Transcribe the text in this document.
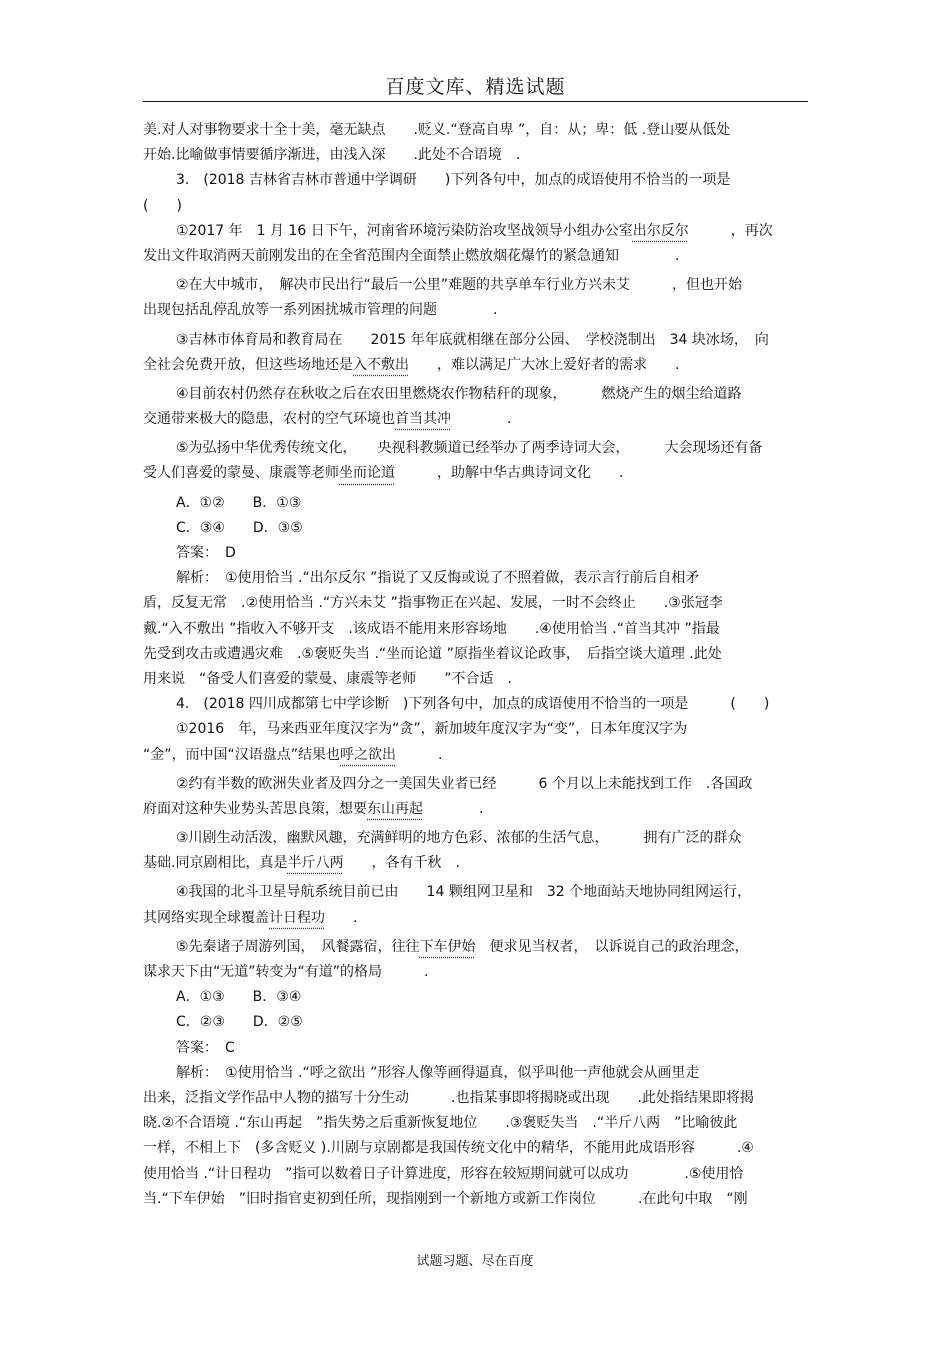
百度文库、精选试题
美.对人对事物要求十全十美，毫无缺点　　.贬义.“登高自卑 ”，自：从；卑：低 .登山要从低处
开始.比喻做事情要循序渐进，由浅入深　　.此处不合语境　.
3.　(2018 吉林省吉林市普通中学调研　　)下列各句中，加点的成语使用不恰当的一项是
(　　)
①2017 年　1 月 16 日下午，河南省环境污染防治攻坚战领导小组办公室出尔反尔　　　，再次
发出文件取消两天前刚发出的在全省范围内全面禁止燃放烟花爆竹的紧急通知　　　　.
②在大中城市，　解决市民出行“最后一公里”难题的共享单车行业方兴未艾　　　，但也开始
出现包括乱停乱放等一系列困扰城市管理的问题　　　　.
③吉林市体育局和教育局在　　2015 年年底就相继在部分公园、　学校浇制出　34 块冰场，　向
全社会免费开放，但这些场地还是入不敷出　　，难以满足广大冰上爱好者的需求　　.
④目前农村仍然存在秋收之后在农田里燃烧农作物秸秆的现象，　　　燃烧产生的烟尘给道路
交通带来极大的隐患，农村的空气环境也首当其冲　　　　.
⑤为弘扬中华优秀传统文化，　　央视科教频道已经举办了两季诗词大会，　　　大会现场还有备
受人们喜爱的蒙曼、康震等老师坐而论道　　　，助解中华古典诗词文化　　.
A．①②　　B．①③
C．③④　　D．③⑤
答案：　D
解析：　①使用恰当 .“出尔反尔 ”指说了又反悔或说了不照着做，表示言行前后自相矛
盾，反复无常　.②使用恰当 .“方兴未艾 ”指事物正在兴起、发展，一时不会终止　　.③张冠李
戴.“入不敷出 ”指收入不够开支　.该成语不能用来形容场地　　.④使用恰当 .“首当其冲 ”指最
先受到攻击或遭遇灾难　.⑤褒贬失当 .“坐而论道 ”原指坐着议论政事，　后指空谈大道理 .此处
用来说　“备受人们喜爱的蒙曼、康震等老师　　”不合适　.
4.　(2018 四川成都第七中学诊断　)下列各句中，加点的成语使用不恰当的一项是　　　(　　)
①2016　年，马来西亚年度汉字为“贪”，新加坡年度汉字为“变”，日本年度汉字为
“金”，而中国“汉语盘点”结果也呼之欲出　　　.
②约有半数的欧洲失业者及四分之一美国失业者已经　　　6 个月以上未能找到工作　.各国政
府面对这种失业势头苦思良策，想要东山再起　　　　.
③川剧生动活泼，幽默风趣，充满鲜明的地方色彩、浓郁的生活气息，　　　拥有广泛的群众
基础.同京剧相比，真是半斤八两　　，各有千秋　.
④我国的北斗卫星导航系统目前已由　　14 颗组网卫星和　32 个地面站天地协同组网运行，
其网络实现全球覆盖计日程功　　.
⑤先秦诸子周游列国，　风餐露宿，往往下车伊始　便求见当权者，　以诉说自己的政治理念，
谋求天下由“无道”转变为“有道”的格局　　　.
A．①③　　B．③④
C．②③　　D．②⑤
答案：　C
解析：　①使用恰当 .“呼之欲出 ”形容人像等画得逼真，似乎叫他一声他就会从画里走
出来，泛指文学作品中人物的描写十分生动　　　.也指某事即将揭晓或出现　　.此处指结果即将揭
晓.②不合语境 .“东山再起　”指失势之后重新恢复地位　　.③褒贬失当　.“半斤八两　”比喻彼此
一样，不相上下　(多含贬义 ).川剧与京剧都是我国传统文化中的精华，不能用此成语形容　　　.④
使用恰当 .“计日程功　”指可以数着日子计算进度，形容在较短期间就可以成功　　　　.⑤使用恰
当.“下车伊始　”旧时指官吏初到任所，现指刚到一个新地方或新工作岗位　　　.在此句中取　“刚
试题习题、尽在百度
